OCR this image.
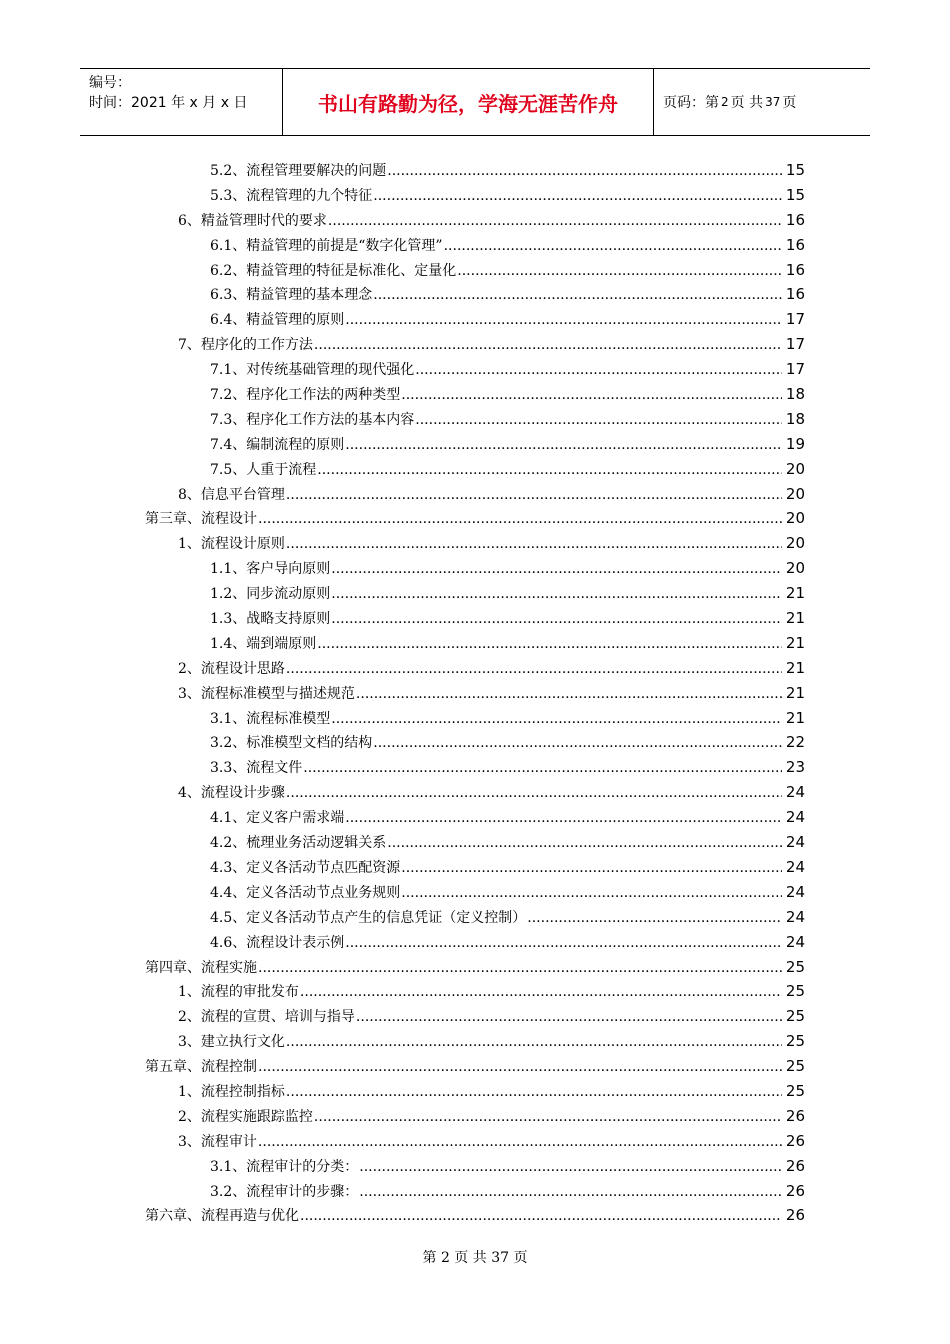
编号：
时间：2021 年 x 月 x 日	书山有路勤为径，学海无涯苦作舟	页码：第 2 页 共 37 页
5.2、流程管理要解决的问题 .....	15
5.3、流程管理的九个特征 .....	15
6、精益管理时代的要求 .....	16
6.1、精益管理的前提是“数字化管理” .....	16
6.2、精益管理的特征是标准化、定量化 .....	16
6.3、精益管理的基本理念 .....	16
6.4、精益管理的原则 .....	17
7、程序化的工作方法 .....	17
7.1、对传统基础管理的现代强化 .....	17
7.2、程序化工作法的两种类型 .....	18
7.3、程序化工作方法的基本内容 .....	18
7.4、编制流程的原则 .....	19
7.5、人重于流程 .....	20
8、信息平台管理 .....	20
第三章、流程设计 .....	20
1、流程设计原则 .....	20
1.1、客户导向原则 .....	20
1.2、同步流动原则 .....	21
1.3、战略支持原则 .....	21
1.4、端到端原则 .....	21
2、流程设计思路 .....	21
3、流程标准模型与描述规范 .....	21
3.1、流程标准模型 .....	21
3.2、标准模型文档的结构 .....	22
3.3、流程文件 .....	23
4、流程设计步骤 .....	24
4.1、定义客户需求端 .....	24
4.2、梳理业务活动逻辑关系 .....	24
4.3、定义各活动节点匹配资源 .....	24
4.4、定义各活动节点业务规则 .....	24
4.5、定义各活动节点产生的信息凭证（定义控制） .....	24
4.6、流程设计表示例 .....	24
第四章、流程实施 .....	25
1、流程的审批发布 .....	25
2、流程的宣贯、培训与指导 .....	25
3、建立执行文化 .....	25
第五章、流程控制 .....	25
1、流程控制指标 .....	25
2、流程实施跟踪监控 .....	26
3、流程审计 .....	26
3.1、流程审计的分类： .....	26
3.2、流程审计的步骤： .....	26
第六章、流程再造与优化 .....	26
第 2 页 共 37 页
